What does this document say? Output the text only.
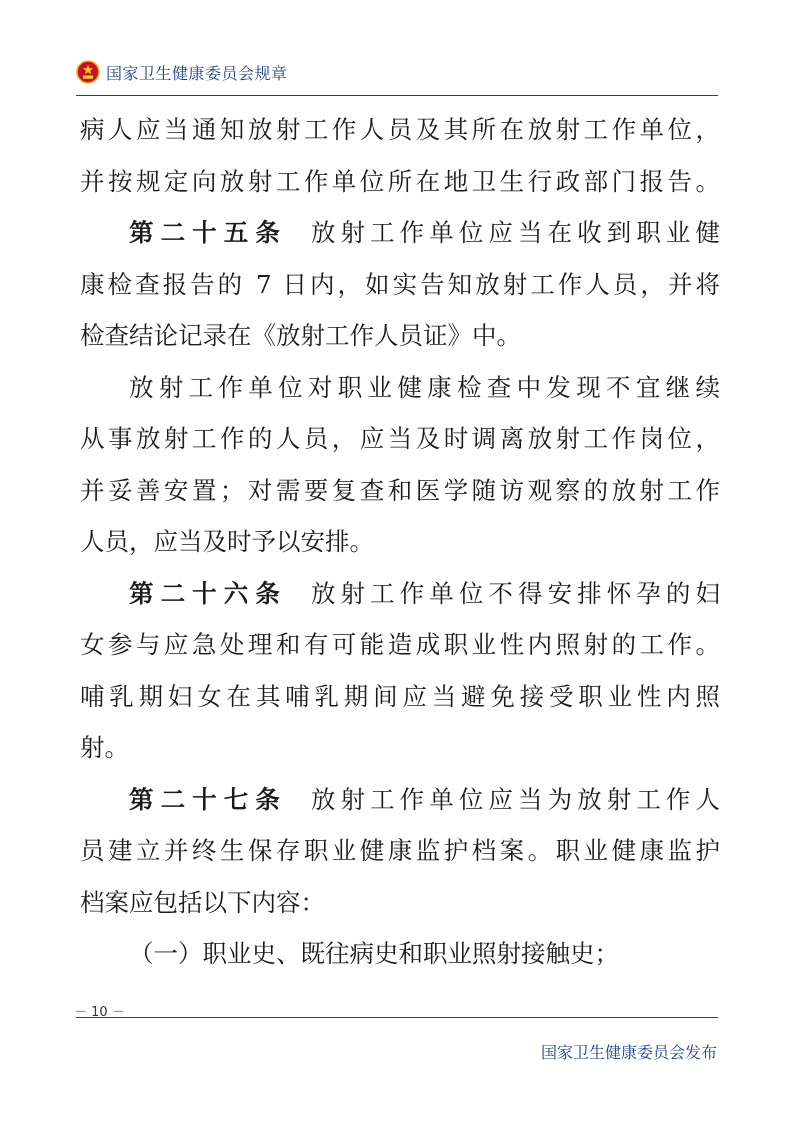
国家卫生健康委员会规章
病人应当通知放射工作人员及其所在放射工作单位，
并按规定向放射工作单位所在地卫生行政部门报告。
第二十五条 放射工作单位应当在收到职业健
康检查报告的 7 日内，如实告知放射工作人员，并将
检查结论记录在《放射工作人员证》中。
放射工作单位对职业健康检查中发现不宜继续
从事放射工作的人员，应当及时调离放射工作岗位，
并妥善安置；对需要复查和医学随访观察的放射工作
人员，应当及时予以安排。
第二十六条 放射工作单位不得安排怀孕的妇
女参与应急处理和有可能造成职业性内照射的工作。
哺乳期妇女在其哺乳期间应当避免接受职业性内照
射。
第二十七条 放射工作单位应当为放射工作人
员建立并终生保存职业健康监护档案。职业健康监护
档案应包括以下内容：
（一）职业史、既往病史和职业照射接触史；
－ 10 －
国家卫生健康委员会发布
